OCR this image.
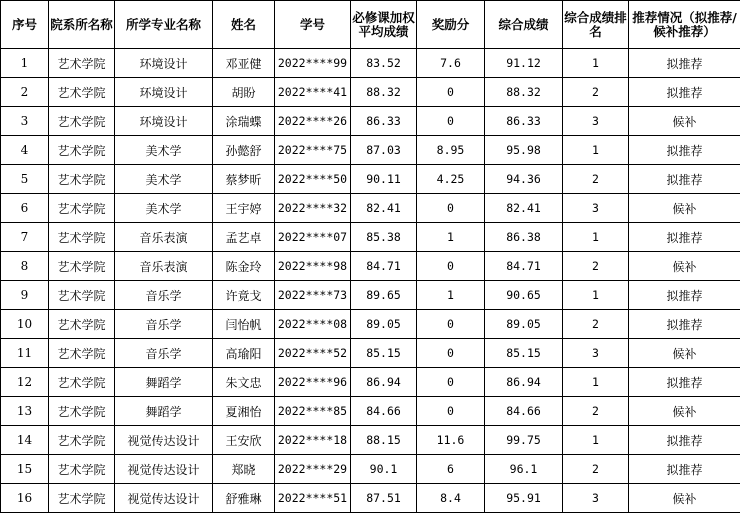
序号	院系所名称	所学专业名称	姓名	学号	必修课加权平均成绩	奖励分	综合成绩	综合成绩排名	推荐情况（拟推荐/候补推荐）
1	艺术学院	环境设计	邓亚健	2022****99	83.52	7.6	91.12	1	拟推荐
2	艺术学院	环境设计	胡盼	2022****41	88.32	0	88.32	2	拟推荐
3	艺术学院	环境设计	涂瑞蝶	2022****26	86.33	0	86.33	3	候补
4	艺术学院	美术学	孙懿舒	2022****75	87.03	8.95	95.98	1	拟推荐
5	艺术学院	美术学	蔡梦昕	2022****50	90.11	4.25	94.36	2	拟推荐
6	艺术学院	美术学	王宇婷	2022****32	82.41	0	82.41	3	候补
7	艺术学院	音乐表演	孟艺卓	2022****07	85.38	1	86.38	1	拟推荐
8	艺术学院	音乐表演	陈金玲	2022****98	84.71	0	84.71	2	候补
9	艺术学院	音乐学	许竟戈	2022****73	89.65	1	90.65	1	拟推荐
10	艺术学院	音乐学	闫怡帆	2022****08	89.05	0	89.05	2	拟推荐
11	艺术学院	音乐学	高瑜阳	2022****52	85.15	0	85.15	3	候补
12	艺术学院	舞蹈学	朱文忠	2022****96	86.94	0	86.94	1	拟推荐
13	艺术学院	舞蹈学	夏湘怡	2022****85	84.66	0	84.66	2	候补
14	艺术学院	视觉传达设计	王安欣	2022****18	88.15	11.6	99.75	1	拟推荐
15	艺术学院	视觉传达设计	郑晓	2022****29	90.1	6	96.1	2	拟推荐
16	艺术学院	视觉传达设计	舒雅琳	2022****51	87.51	8.4	95.91	3	候补
